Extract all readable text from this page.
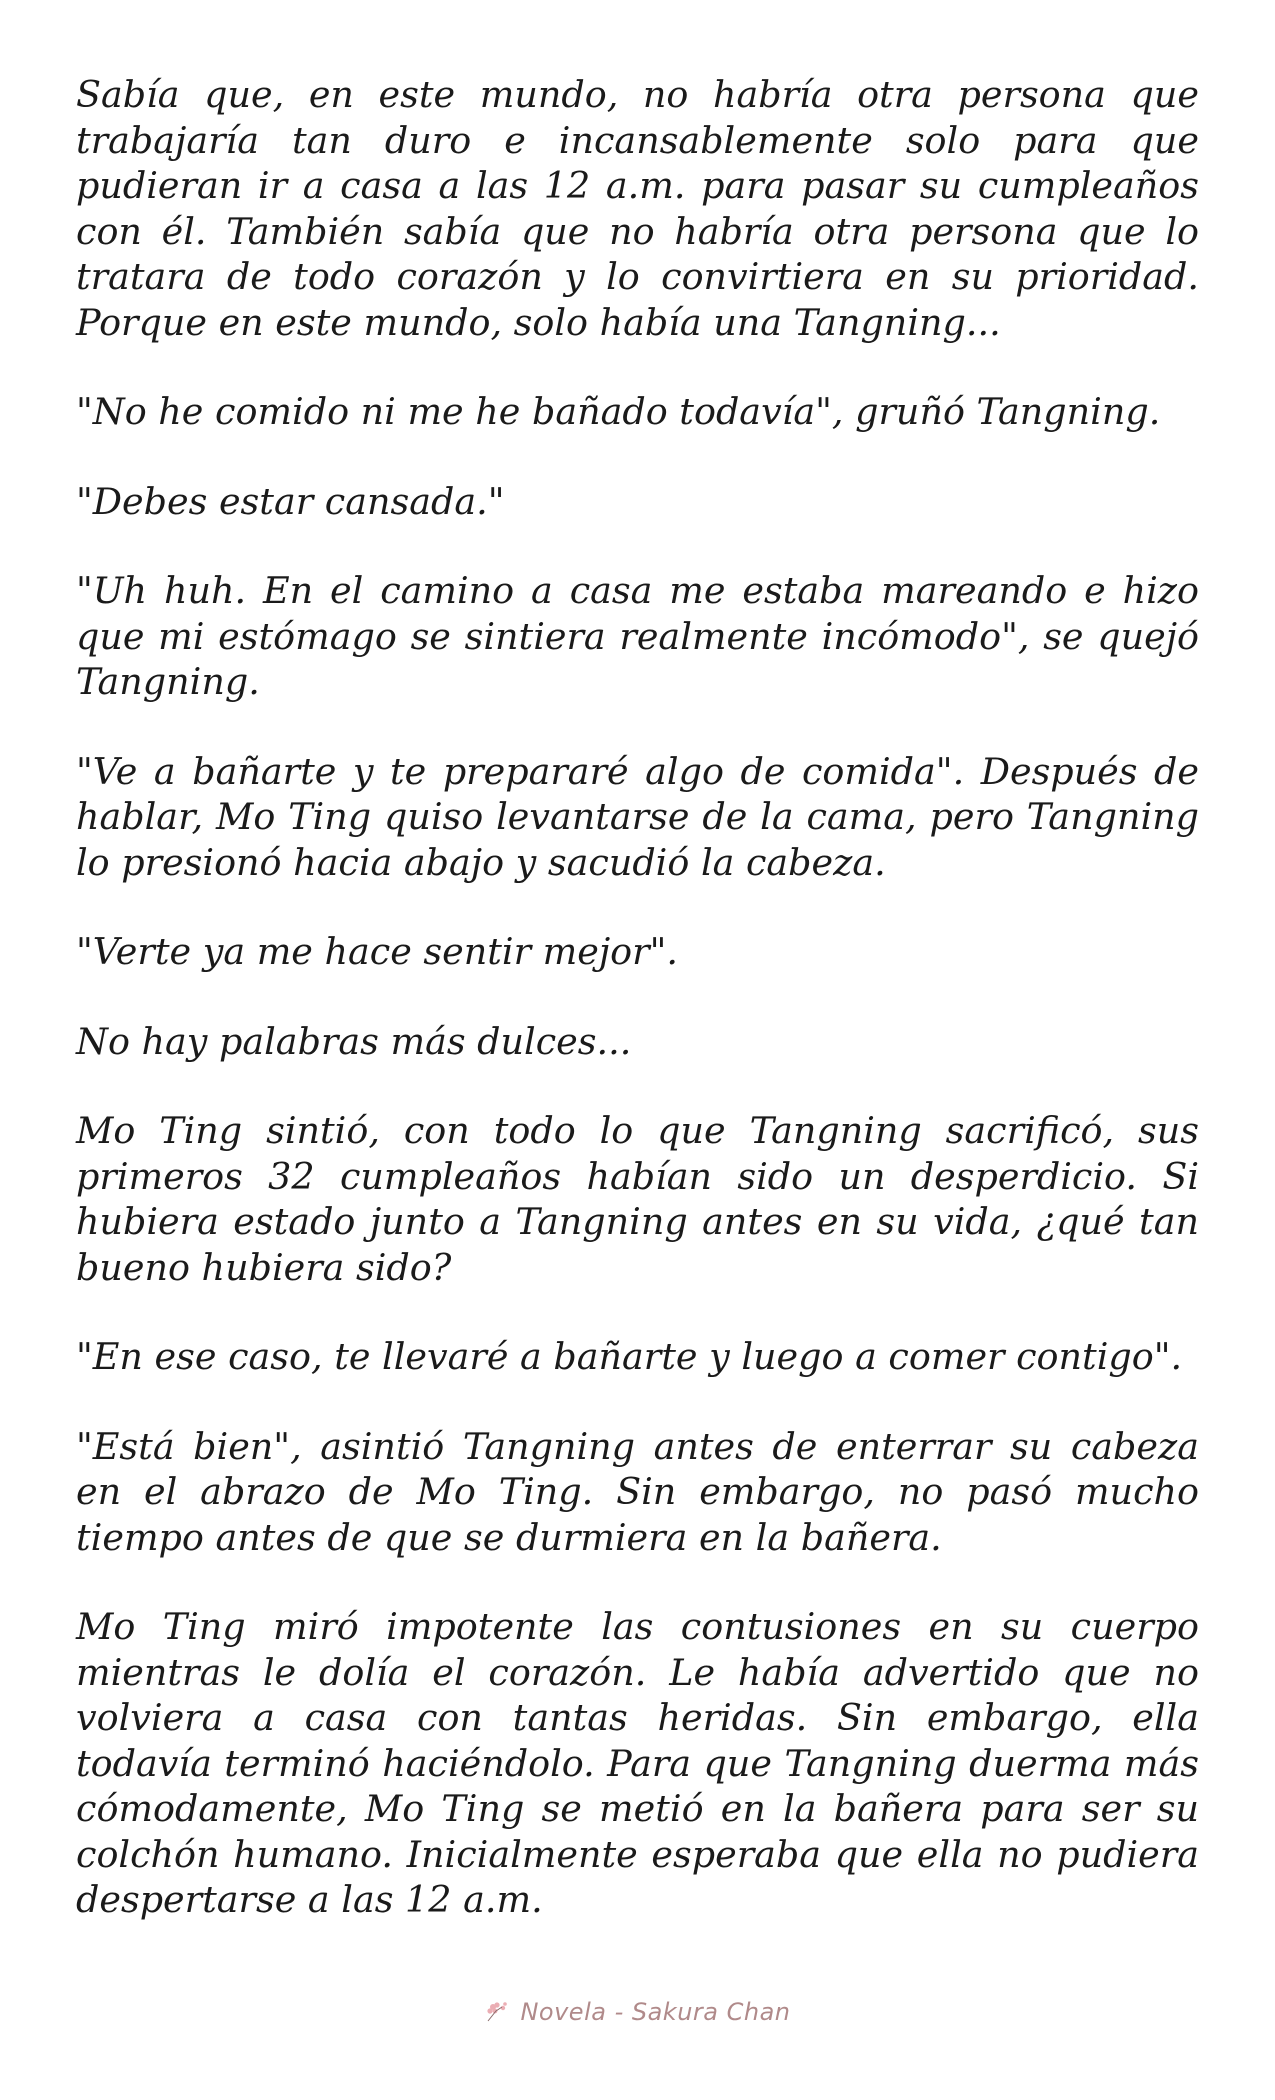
Sabía que, en este mundo, no habría otra persona que trabajaría tan duro e incansablemente solo para que pudieran ir a casa a las 12 a.m. para pasar su cumpleaños con él. También sabía que no habría otra persona que lo tratara de todo corazón y lo convirtiera en su prioridad. Porque en este mundo, solo había una Tangning...

"No he comido ni me he bañado todavía", gruñó Tangning.

"Debes estar cansada."

"Uh huh. En el camino a casa me estaba mareando e hizo que mi estómago se sintiera realmente incómodo", se quejó Tangning.

"Ve a bañarte y te prepararé algo de comida". Después de hablar, Mo Ting quiso levantarse de la cama, pero Tangning lo presionó hacia abajo y sacudió la cabeza.

"Verte ya me hace sentir mejor".

No hay palabras más dulces...

Mo Ting sintió, con todo lo que Tangning sacrificó, sus primeros 32 cumpleaños habían sido un desperdicio. Si hubiera estado junto a Tangning antes en su vida, ¿qué tan bueno hubiera sido?

"En ese caso, te llevaré a bañarte y luego a comer contigo".

"Está bien", asintió Tangning antes de enterrar su cabeza en el abrazo de Mo Ting. Sin embargo, no pasó mucho tiempo antes de que se durmiera en la bañera.

Mo Ting miró impotente las contusiones en su cuerpo mientras le dolía el corazón. Le había advertido que no volviera a casa con tantas heridas. Sin embargo, ella todavía terminó haciéndolo. Para que Tangning duerma más cómodamente, Mo Ting se metió en la bañera para ser su colchón humano. Inicialmente esperaba que ella no pudiera despertarse a las 12 a.m.

Novela - Sakura Chan
